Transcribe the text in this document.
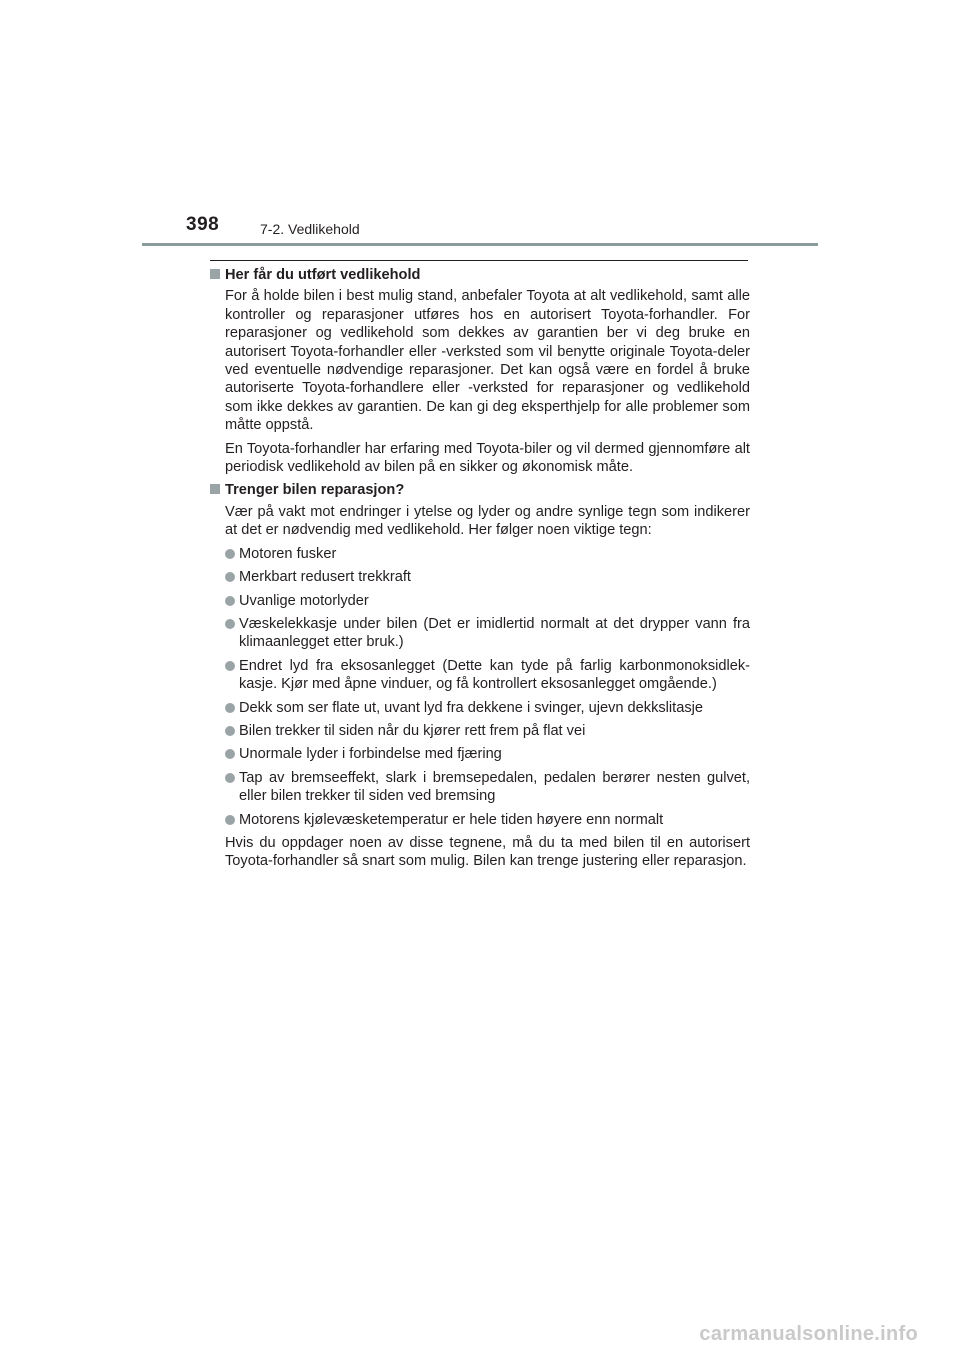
398	7-2. Vedlikehold
Her får du utført vedlikehold

For å holde bilen i best mulig stand, anbefaler Toyota at alt vedlikehold, samt alle kontroller og reparasjoner utføres hos en autorisert Toyota-forhandler. For reparasjoner og vedlikehold som dekkes av garantien ber vi deg bruke en autorisert Toyota-forhandler eller -verksted som vil benytte originale Toyota-deler ved eventuelle nødvendige reparasjoner. Det kan også være en fordel å bruke autoriserte Toyota-forhandlere eller -verksted for reparasjoner og vedlikehold som ikke dekkes av garantien. De kan gi deg eksperthjelp for alle problemer som måtte oppstå.

En Toyota-forhandler har erfaring med Toyota-biler og vil dermed gjennomføre alt periodisk vedlikehold av bilen på en sikker og økonomisk måte.

Trenger bilen reparasjon?

Vær på vakt mot endringer i ytelse og lyder og andre synlige tegn som indikerer at det er nødvendig med vedlikehold. Her følger noen viktige tegn:

Motoren fusker
Merkbart redusert trekkraft
Uvanlige motorlyder
Væskelekkasje under bilen (Det er imidlertid normalt at det drypper vann fra klimaanlegget etter bruk.)
Endret lyd fra eksosanlegget (Dette kan tyde på farlig karbonmonoksidlek-kasje. Kjør med åpne vinduer, og få kontrollert eksosanlegget omgående.)
Dekk som ser flate ut, uvant lyd fra dekkene i svinger, ujevn dekkslitasje
Bilen trekker til siden når du kjører rett frem på flat vei
Unormale lyder i forbindelse med fjæring
Tap av bremseeffekt, slark i bremsepedalen, pedalen berører nesten gulvet, eller bilen trekker til siden ved bremsing
Motorens kjølevæsketemperatur er hele tiden høyere enn normalt

Hvis du oppdager noen av disse tegnene, må du ta med bilen til en autorisert Toyota-forhandler så snart som mulig. Bilen kan trenge justering eller reparasjon.

carmanualsonline.info
